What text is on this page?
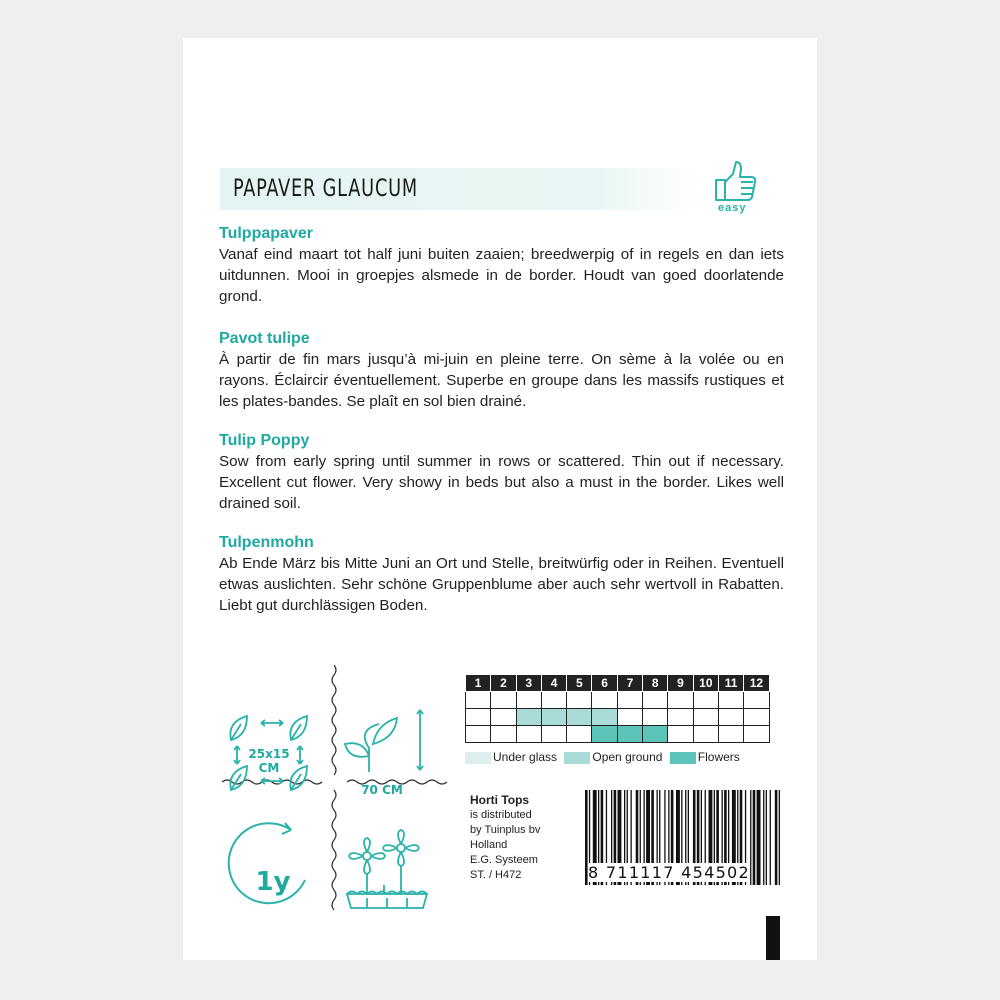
PAPAVER GLAUCUM
easy
Tulppapaver

Vanaf eind maart tot half juni buiten zaaien; breedwerpig of in regels en dan iets uitdunnen. Mooi in groepjes alsmede in de border. Houdt van goed doorlatende grond.

Pavot tulipe

À partir de fin mars jusqu’à mi-juin en pleine terre. On sème à la volée ou en rayons. Éclaircir éventuellement. Superbe en groupe dans les massifs rustiques et les plates-bandes. Se plaît en sol bien drainé.

Tulip Poppy

Sow from early spring until summer in rows or scattered. Thin out if necessary. Excellent cut flower. Very showy in beds but also a must in the border. Likes well drained soil.

Tulpenmohn

Ab Ende März bis Mitte Juni an Ort und Stelle, breitwürfig oder in Reihen. Eventuell etwas auslichten. Sehr schöne Gruppenblume aber auch sehr wertvoll in Rabatten. Liebt gut durchlässigen Boden.

25x15
CM
70 CM
1y
1	2	3	4	5	6	7	8	9	10	11	12

Under glass	Open ground	Flowers
Horti Tops
is distributed
by Tuinplus bv
Holland
E.G. Systeem
ST. / H472	8 711117 454502
